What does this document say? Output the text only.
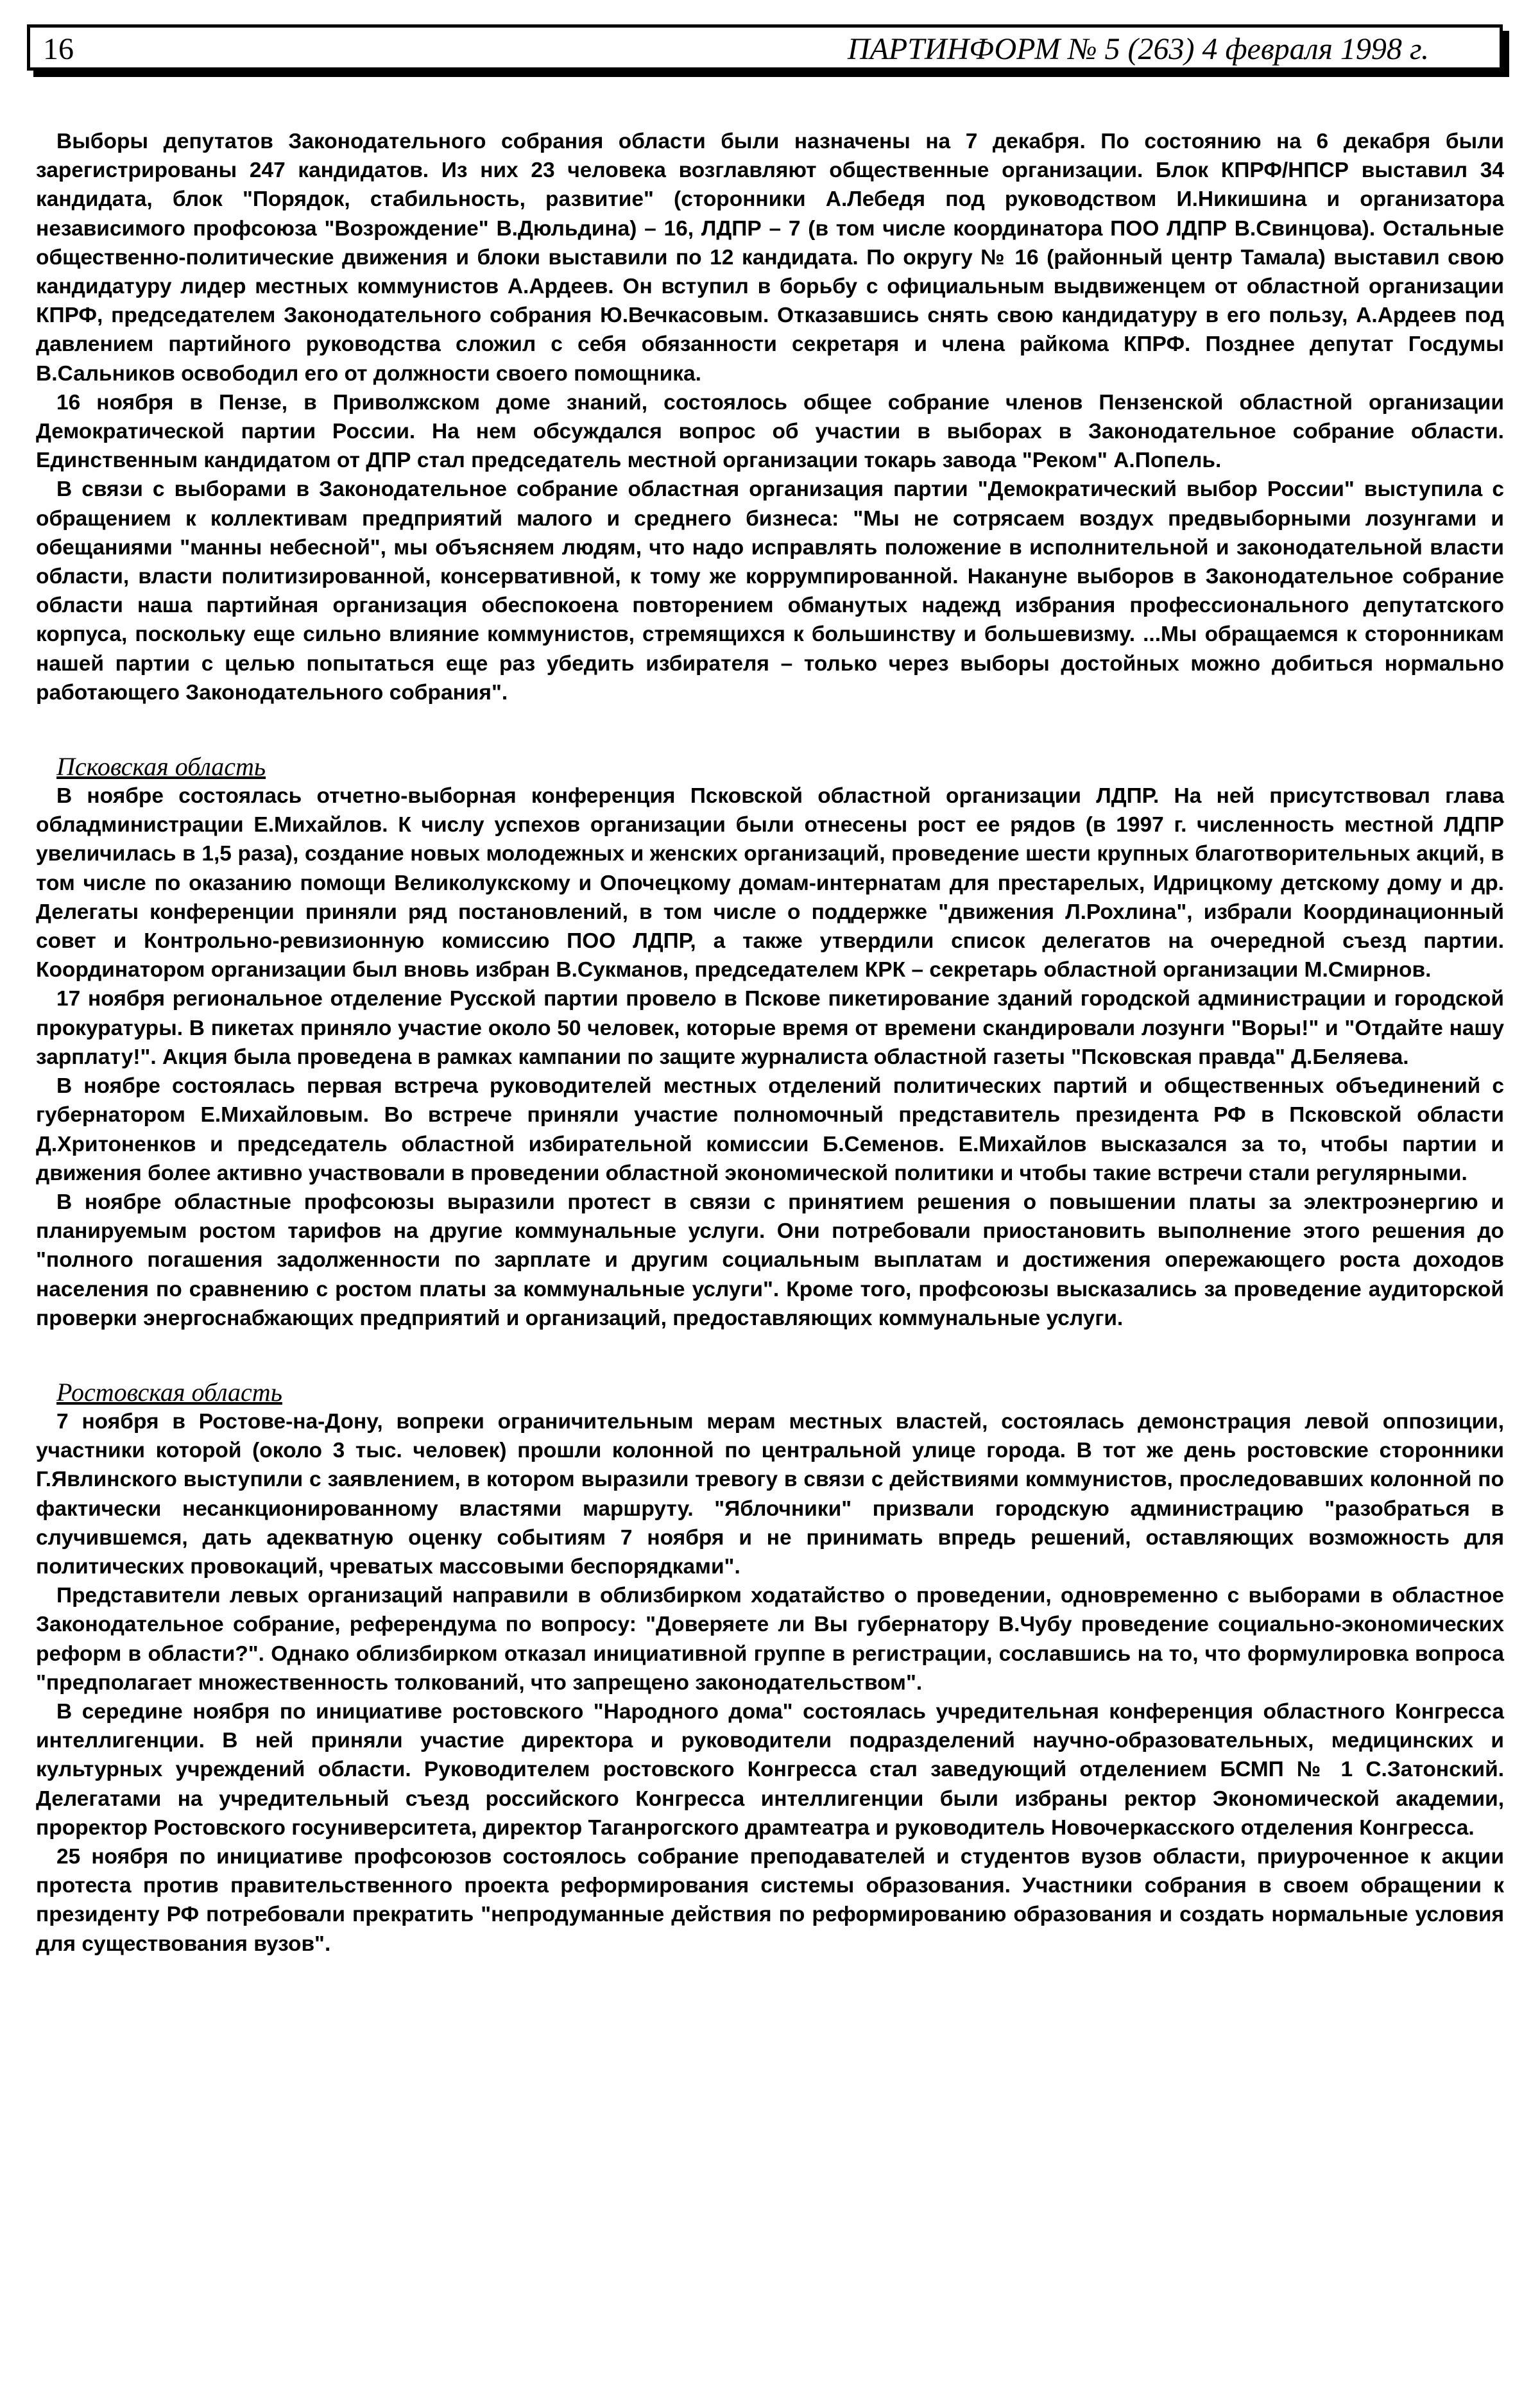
16	ПАРТИНФОРМ № 5 (263) 4 февраля 1998 г.

Выборы депутатов Законодательного собрания области были назначены на 7 декабря. По состоянию на 6 декабря были зарегистрированы 247 кандидатов. Из них 23 человека возглавляют общественные организации. Блок КПРФ/НПСР выставил 34 кандидата, блок "Порядок, стабильность, развитие" (сторонники А.Лебедя под руководством И.Никишина и организатора независимого профсоюза "Возрождение" В.Дюльдина) – 16, ЛДПР – 7 (в том числе координатора ПОО ЛДПР В.Свинцова). Остальные общественно-политические движения и блоки выставили по 12 кандидата. По округу № 16 (районный центр Тамала) выставил свою кандидатуру лидер местных коммунистов А.Ардеев. Он вступил в борьбу с официальным выдвиженцем от областной организации КПРФ, председателем Законодательного собрания Ю.Вечкасовым. Отказавшись снять свою кандидатуру в его пользу, А.Ардеев под давлением партийного руководства сложил с себя обязанности секретаря и члена райкома КПРФ. Позднее депутат Госдумы В.Сальников освободил его от должности своего помощника.

16 ноября в Пензе, в Приволжском доме знаний, состоялось общее собрание членов Пензенской областной организации Демократической партии России. На нем обсуждался вопрос об участии в выборах в Законодательное собрание области. Единственным кандидатом от ДПР стал председатель местной организации токарь завода "Реком" А.Попель.

В связи с выборами в Законодательное собрание областная организация партии "Демократический выбор России" выступила с обращением к коллективам предприятий малого и среднего бизнеса: "Мы не сотрясаем воздух предвыборными лозунгами и обещаниями "манны небесной", мы объясняем людям, что надо исправлять положение в исполнительной и законодательной власти области, власти политизированной, консервативной, к тому же коррумпированной. Накануне выборов в Законодательное собрание области наша партийная организация обеспокоена повторением обманутых надежд избрания профессионального депутатского корпуса, поскольку еще сильно влияние коммунистов, стремящихся к большинству и большевизму. ...Мы обращаемся к сторонникам нашей партии с целью попытаться еще раз убедить избирателя – только через выборы достойных можно добиться нормально работающего Законодательного собрания".

Псковская область

В ноябре состоялась отчетно-выборная конференция Псковской областной организации ЛДПР. На ней присутствовал глава обладминистрации Е.Михайлов. К числу успехов организации были отнесены рост ее рядов (в 1997 г. численность местной ЛДПР увеличилась в 1,5 раза), создание новых молодежных и женских организаций, проведение шести крупных благотворительных акций, в том числе по оказанию помощи Великолукскому и Опочецкому домам-интернатам для престарелых, Идрицкому детскому дому и др. Делегаты конференции приняли ряд постановлений, в том числе о поддержке "движения Л.Рохлина", избрали Координационный совет и Контрольно-ревизионную комиссию ПОО ЛДПР, а также утвердили список делегатов на очередной съезд партии. Координатором организации был вновь избран В.Сукманов, председателем КРК – секретарь областной организации М.Смирнов.

17 ноября региональное отделение Русской партии провело в Пскове пикетирование зданий городской администрации и городской прокуратуры. В пикетах приняло участие около 50 человек, которые время от времени скандировали лозунги "Воры!" и "Отдайте нашу зарплату!". Акция была проведена в рамках кампании по защите журналиста областной газеты "Псковская правда" Д.Беляева.

В ноябре состоялась первая встреча руководителей местных отделений политических партий и общественных объединений с губернатором Е.Михайловым. Во встрече приняли участие полномочный представитель президента РФ в Псковской области Д.Хритоненков и председатель областной избирательной комиссии Б.Семенов. Е.Михайлов высказался за то, чтобы партии и движения более активно участвовали в проведении областной экономической политики и чтобы такие встречи стали регулярными.

В ноябре областные профсоюзы выразили протест в связи с принятием решения о повышении платы за электроэнергию и планируемым ростом тарифов на другие коммунальные услуги. Они потребовали приостановить выполнение этого решения до "полного погашения задолженности по зарплате и другим социальным выплатам и достижения опережающего роста доходов населения по сравнению с ростом платы за коммунальные услуги". Кроме того, профсоюзы высказались за проведение аудиторской проверки энергоснабжающих предприятий и организаций, предоставляющих коммунальные услуги.

Ростовская область

7 ноября в Ростове-на-Дону, вопреки ограничительным мерам местных властей, состоялась демонстрация левой оппозиции, участники которой (около 3 тыс. человек) прошли колонной по центральной улице города. В тот же день ростовские сторонники Г.Явлинского выступили с заявлением, в котором выразили тревогу в связи с действиями коммунистов, проследовавших колонной по фактически несанкционированному властями маршруту. "Яблочники" призвали городскую администрацию "разобраться в случившемся, дать адекватную оценку событиям 7 ноября и не принимать впредь решений, оставляющих возможность для политических провокаций, чреватых массовыми беспорядками".

Представители левых организаций направили в облизбирком ходатайство о проведении, одновременно с выборами в областное Законодательное собрание, референдума по вопросу: "Доверяете ли Вы губернатору В.Чубу проведение социально-экономических реформ в области?". Однако облизбирком отказал инициативной группе в регистрации, сославшись на то, что формулировка вопроса "предполагает множественность толкований, что запрещено законодательством".

В середине ноября по инициативе ростовского "Народного дома" состоялась учредительная конференция областного Конгресса интеллигенции. В ней приняли участие директора и руководители подразделений научно-образовательных, медицинских и культурных учреждений области. Руководителем ростовского Конгресса стал заведующий отделением БСМП № 1 С.Затонский. Делегатами на учредительный съезд российского Конгресса интеллигенции были избраны ректор Экономической академии, проректор Ростовского госуниверситета, директор Таганрогского драмтеатра и руководитель Новочеркасского отделения Конгресса.

25 ноября по инициативе профсоюзов состоялось собрание преподавателей и студентов вузов области, приуроченное к акции протеста против правительственного проекта реформирования системы образования. Участники собрания в своем обращении к президенту РФ потребовали прекратить "непродуманные действия по реформированию образования и создать нормальные условия для существования вузов".
